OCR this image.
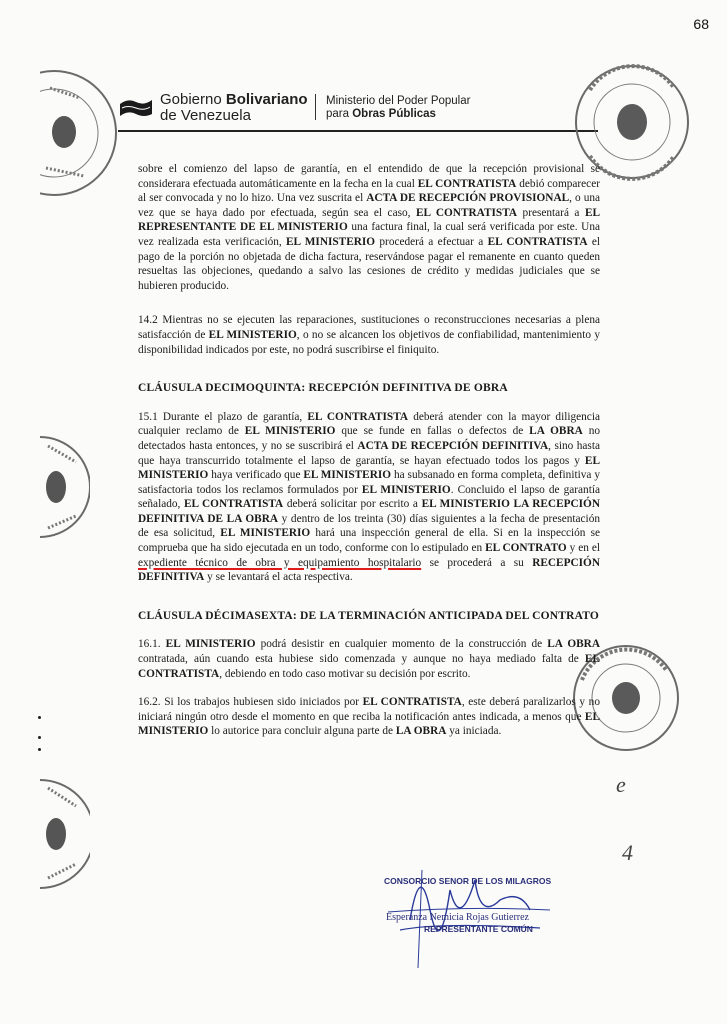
68
Gobierno Bolivariano
de Venezuela
Ministerio del Poder Popular
para Obras Públicas

sobre el comienzo del lapso de garantía, en el entendido de que la recepción provisional se considerara efectuada automáticamente en la fecha en la cual EL CONTRATISTA debió comparecer al ser convocada y no lo hizo. Una vez suscrita el ACTA DE RECEPCIÓN PROVISIONAL, o una vez que se haya dado por efectuada, según sea el caso, EL CONTRATISTA presentará a EL REPRESENTANTE DE EL MINISTERIO una factura final, la cual será verificada por este. Una vez realizada esta verificación, EL MINISTERIO procederá a efectuar a EL CONTRATISTA el pago de la porción no objetada de dicha factura, reservándose pagar el remanente en cuanto queden resueltas las objeciones, quedando a salvo las cesiones de crédito y medidas judiciales que se hubieren producido.

14.2 Mientras no se ejecuten las reparaciones, sustituciones o reconstrucciones necesarias a plena satisfacción de EL MINISTERIO, o no se alcancen los objetivos de confiabilidad, mantenimiento y disponibilidad indicados por este, no podrá suscribirse el finiquito.

CLÁUSULA DECIMOQUINTA: RECEPCIÓN DEFINITIVA DE OBRA

15.1 Durante el plazo de garantía, EL CONTRATISTA deberá atender con la mayor diligencia cualquier reclamo de EL MINISTERIO que se funde en fallas o defectos de LA OBRA no detectados hasta entonces, y no se suscribirá el ACTA DE RECEPCIÓN DEFINITIVA, sino hasta que haya transcurrido totalmente el lapso de garantía, se hayan efectuado todos los pagos y EL MINISTERIO haya verificado que EL MINISTERIO ha subsanado en forma completa, definitiva y satisfactoria todos los reclamos formulados por EL MINISTERIO. Concluido el lapso de garantía señalado, EL CONTRATISTA deberá solicitar por escrito a EL MINISTERIO LA RECEPCIÓN DEFINITIVA DE LA OBRA y dentro de los treinta (30) días siguientes a la fecha de presentación de esa solicitud, EL MINISTERIO hará una inspección general de ella. Si en la inspección se comprueba que ha sido ejecutada en un todo, conforme con lo estipulado en EL CONTRATO y en el expediente técnico de obra y equipamiento hospitalario se procederá a su RECEPCIÓN DEFINITIVA y se levantará el acta respectiva.

CLÁUSULA DÉCIMASEXTA: DE LA TERMINACIÓN ANTICIPADA DEL CONTRATO

16.1. EL MINISTERIO podrá desistir en cualquier momento de la construcción de LA OBRA contratada, aún cuando esta hubiese sido comenzada y aunque no haya mediado falta de EL CONTRATISTA, debiendo en todo caso motivar su decisión por escrito.

16.2. Si los trabajos hubiesen sido iniciados por EL CONTRATISTA, este deberá paralizarlos y no iniciará ningún otro desde el momento en que reciba la notificación antes indicada, a menos que EL MINISTERIO lo autorice para concluir alguna parte de LA OBRA ya iniciada.

e
4
CONSORCIO SENOR DE LOS MILAGROS
Esperanza Nemicia Rojas Gutierrez
REPRESENTANTE COMÚN
